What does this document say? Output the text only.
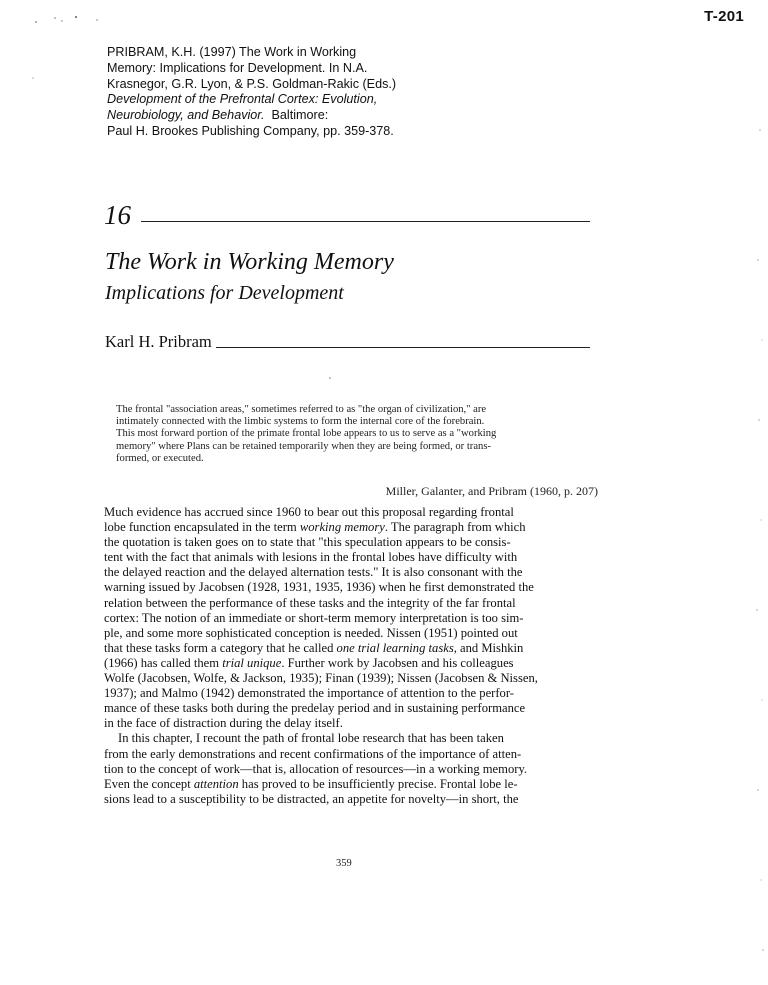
T-201
PRIBRAM, K.H. (1997) The Work in Working
Memory: Implications for Development. In N.A.
Krasnegor, G.R. Lyon, & P.S. Goldman-Rakic (Eds.)
Development of the Prefrontal Cortex: Evolution,
Neurobiology, and Behavior. Baltimore:
Paul H. Brookes Publishing Company, pp. 359-378.
16
The Work in Working Memory
Implications for Development
Karl H. Pribram
The frontal "association areas," sometimes referred to as "the organ of civilization," are
intimately connected with the limbic systems to form the internal core of the forebrain.
This most forward portion of the primate frontal lobe appears to us to serve as a "working
memory" where Plans can be retained temporarily when they are being formed, or trans-
formed, or executed.
Miller, Galanter, and Pribram (1960, p. 207)
Much evidence has accrued since 1960 to bear out this proposal regarding frontal
lobe function encapsulated in the term working memory. The paragraph from which
the quotation is taken goes on to state that "this speculation appears to be consis-
tent with the fact that animals with lesions in the frontal lobes have difficulty with
the delayed reaction and the delayed alternation tests." It is also consonant with the
warning issued by Jacobsen (1928, 1931, 1935, 1936) when he first demonstrated the
relation between the performance of these tasks and the integrity of the far frontal
cortex: The notion of an immediate or short-term memory interpretation is too sim-
ple, and some more sophisticated conception is needed. Nissen (1951) pointed out
that these tasks form a category that he called one trial learning tasks, and Mishkin
(1966) has called them trial unique. Further work by Jacobsen and his colleagues
Wolfe (Jacobsen, Wolfe, & Jackson, 1935); Finan (1939); Nissen (Jacobsen & Nissen,
1937); and Malmo (1942) demonstrated the importance of attention to the perfor-
mance of these tasks both during the predelay period and in sustaining performance
in the face of distraction during the delay itself.
In this chapter, I recount the path of frontal lobe research that has been taken
from the early demonstrations and recent confirmations of the importance of atten-
tion to the concept of work—that is, allocation of resources—in a working memory.
Even the concept attention has proved to be insufficiently precise. Frontal lobe le-
sions lead to a susceptibility to be distracted, an appetite for novelty—in short, the
359
